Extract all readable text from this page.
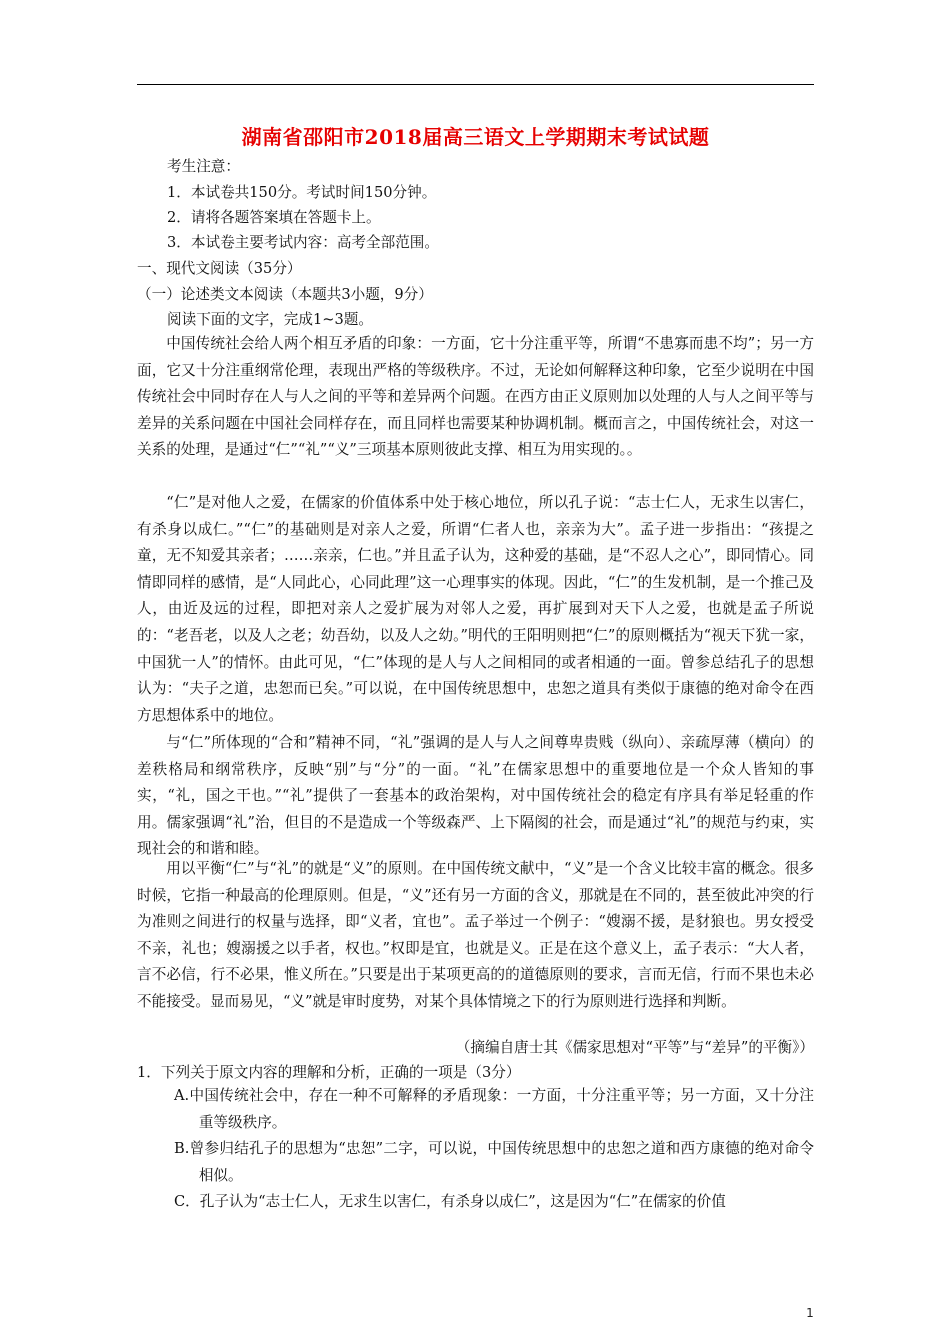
湖南省邵阳市2018届高三语文上学期期末考试试题
考生注意：
1．本试卷共150分。考试时间150分钟。
2．请将各题答案填在答题卡上。
3．本试卷主要考试内容：高考全部范围。
一、现代文阅读（35分）
（一）论述类文本阅读（本题共3小题，9分）
阅读下面的文字，完成1~3题。
中国传统社会给人两个相互矛盾的印象：一方面，它十分注重平等，所谓“不患寡而患不均”；另一方面，它又十分注重纲常伦理，表现出严格的等级秩序。不过，无论如何解释这种印象，它至少说明在中国传统社会中同时存在人与人之间的平等和差异两个问题。在西方由正义原则加以处理的人与人之间平等与差异的关系问题在中国社会同样存在，而且同样也需要某种协调机制。概而言之，中国传统社会，对这一关系的处理，是通过“仁”“礼”“义”三项基本原则彼此支撑、相互为用实现的。。
“仁”是对他人之爱，在儒家的价值体系中处于核心地位，所以孔子说：“志士仁人，无求生以害仁，有杀身以成仁。”“仁”的基础则是对亲人之爱，所谓“仁者人也，亲亲为大”。孟子进一步指出：“孩提之童，无不知爱其亲者；……亲亲，仁也。”并且孟子认为，这种爱的基础，是“不忍人之心”，即同情心。同情即同样的感情，是“人同此心，心同此理”这一心理事实的体现。因此，“仁”的生发机制，是一个推己及人，由近及远的过程，即把对亲人之爱扩展为对邻人之爱，再扩展到对天下人之爱，也就是孟子所说的：“老吾老，以及人之老；幼吾幼，以及人之幼。”明代的王阳明则把“仁”的原则概括为“视天下犹一家，中国犹一人”的情怀。由此可见，“仁”体现的是人与人之间相同的或者相通的一面。曾参总结孔子的思想认为：“夫子之道，忠恕而已矣。”可以说，在中国传统思想中，忠恕之道具有类似于康德的绝对命令在西方思想体系中的地位。
与“仁”所体现的“合和”精神不同，“礼”强调的是人与人之间尊卑贵贱（纵向）、亲疏厚薄（横向）的差秩格局和纲常秩序，反映“别”与“分”的一面。“礼”在儒家思想中的重要地位是一个众人皆知的事实，“礼，国之干也。”“礼”提供了一套基本的政治架构，对中国传统社会的稳定有序具有举足轻重的作用。儒家强调“礼”治，但目的不是造成一个等级森严、上下隔阂的社会，而是通过“礼”的规范与约束，实现社会的和谐和睦。
用以平衡“仁”与“礼”的就是“义”的原则。在中国传统文献中，“义”是一个含义比较丰富的概念。很多时候，它指一种最高的伦理原则。但是，“义”还有另一方面的含义，那就是在不同的，甚至彼此冲突的行为准则之间进行的权量与选择，即“义者，宜也”。孟子举过一个例子：“嫂溺不援，是豺狼也。男女授受不亲，礼也；嫂溺援之以手者，权也。”权即是宜，也就是义。正是在这个意义上，孟子表示：“大人者，言不必信，行不必果，惟义所在。”只要是出于某项更高的的道德原则的要求，言而无信，行而不果也未必不能接受。显而易见，“义”就是审时度势，对某个具体情境之下的行为原则进行选择和判断。
（摘编自唐士其《儒家思想对“平等”与“差异”的平衡》）
1．下列关于原文内容的理解和分析，正确的一项是（3分）
A.中国传统社会中，存在一种不可解释的矛盾现象：一方面，十分注重平等；另一方面，又十分注重等级秩序。
B.曾参归结孔子的思想为“忠恕”二字，可以说，中国传统思想中的忠恕之道和西方康德的绝对命令相似。
C．孔子认为“志士仁人，无求生以害仁，有杀身以成仁”，这是因为“仁”在儒家的价值
1
